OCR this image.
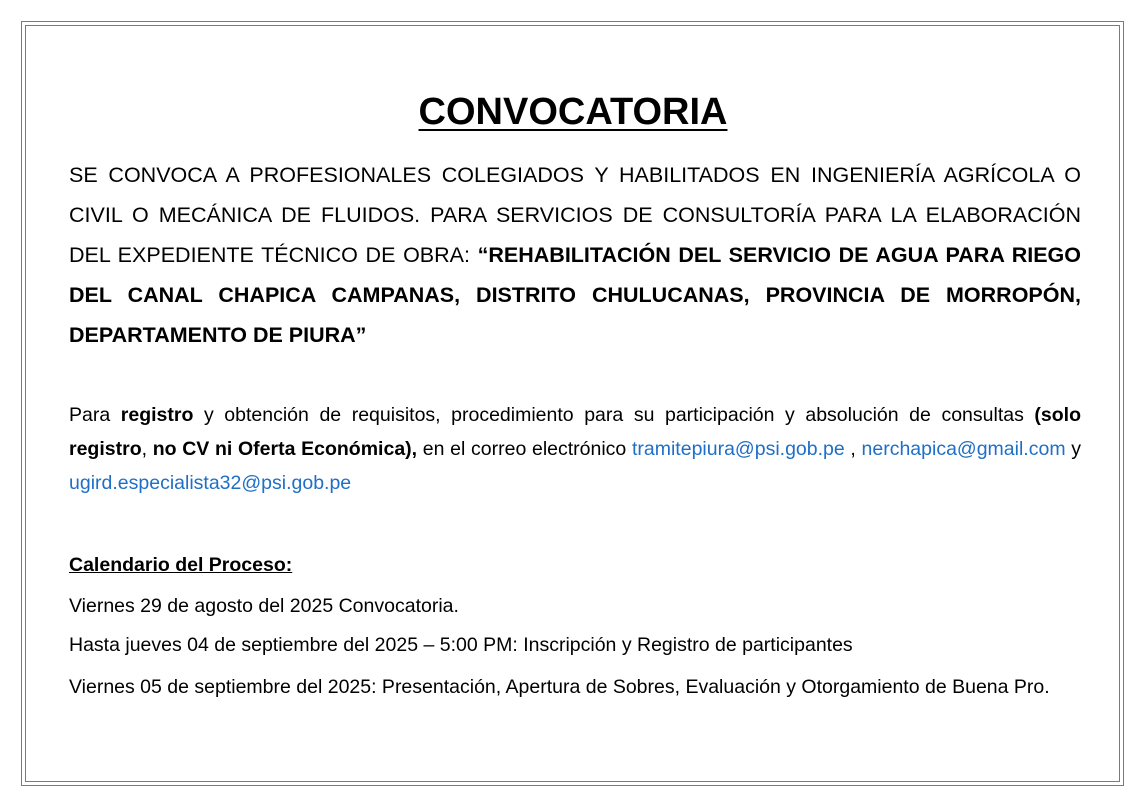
CONVOCATORIA
SE CONVOCA A PROFESIONALES COLEGIADOS Y HABILITADOS EN INGENIERÍA AGRÍCOLA O CIVIL O MECÁNICA DE FLUIDOS. PARA SERVICIOS DE CONSULTORÍA PARA LA ELABORACIÓN DEL EXPEDIENTE TÉCNICO DE OBRA: “REHABILITACIÓN DEL SERVICIO DE AGUA PARA RIEGO DEL CANAL CHAPICA CAMPANAS, DISTRITO CHULUCANAS, PROVINCIA DE MORROPÓN, DEPARTAMENTO DE PIURA”
Para registro y obtención de requisitos, procedimiento para su participación y absolución de consultas (solo registro, no CV ni Oferta Económica), en el correo electrónico tramitepiura@psi.gob.pe , nerchapica@gmail.com y ugird.especialista32@psi.gob.pe
Calendario del Proceso:
Viernes 29 de agosto del 2025 Convocatoria.
Hasta jueves 04 de septiembre del 2025 – 5:00 PM: Inscripción y Registro de participantes
Viernes 05 de septiembre del 2025: Presentación, Apertura de Sobres, Evaluación y Otorgamiento de Buena Pro.
